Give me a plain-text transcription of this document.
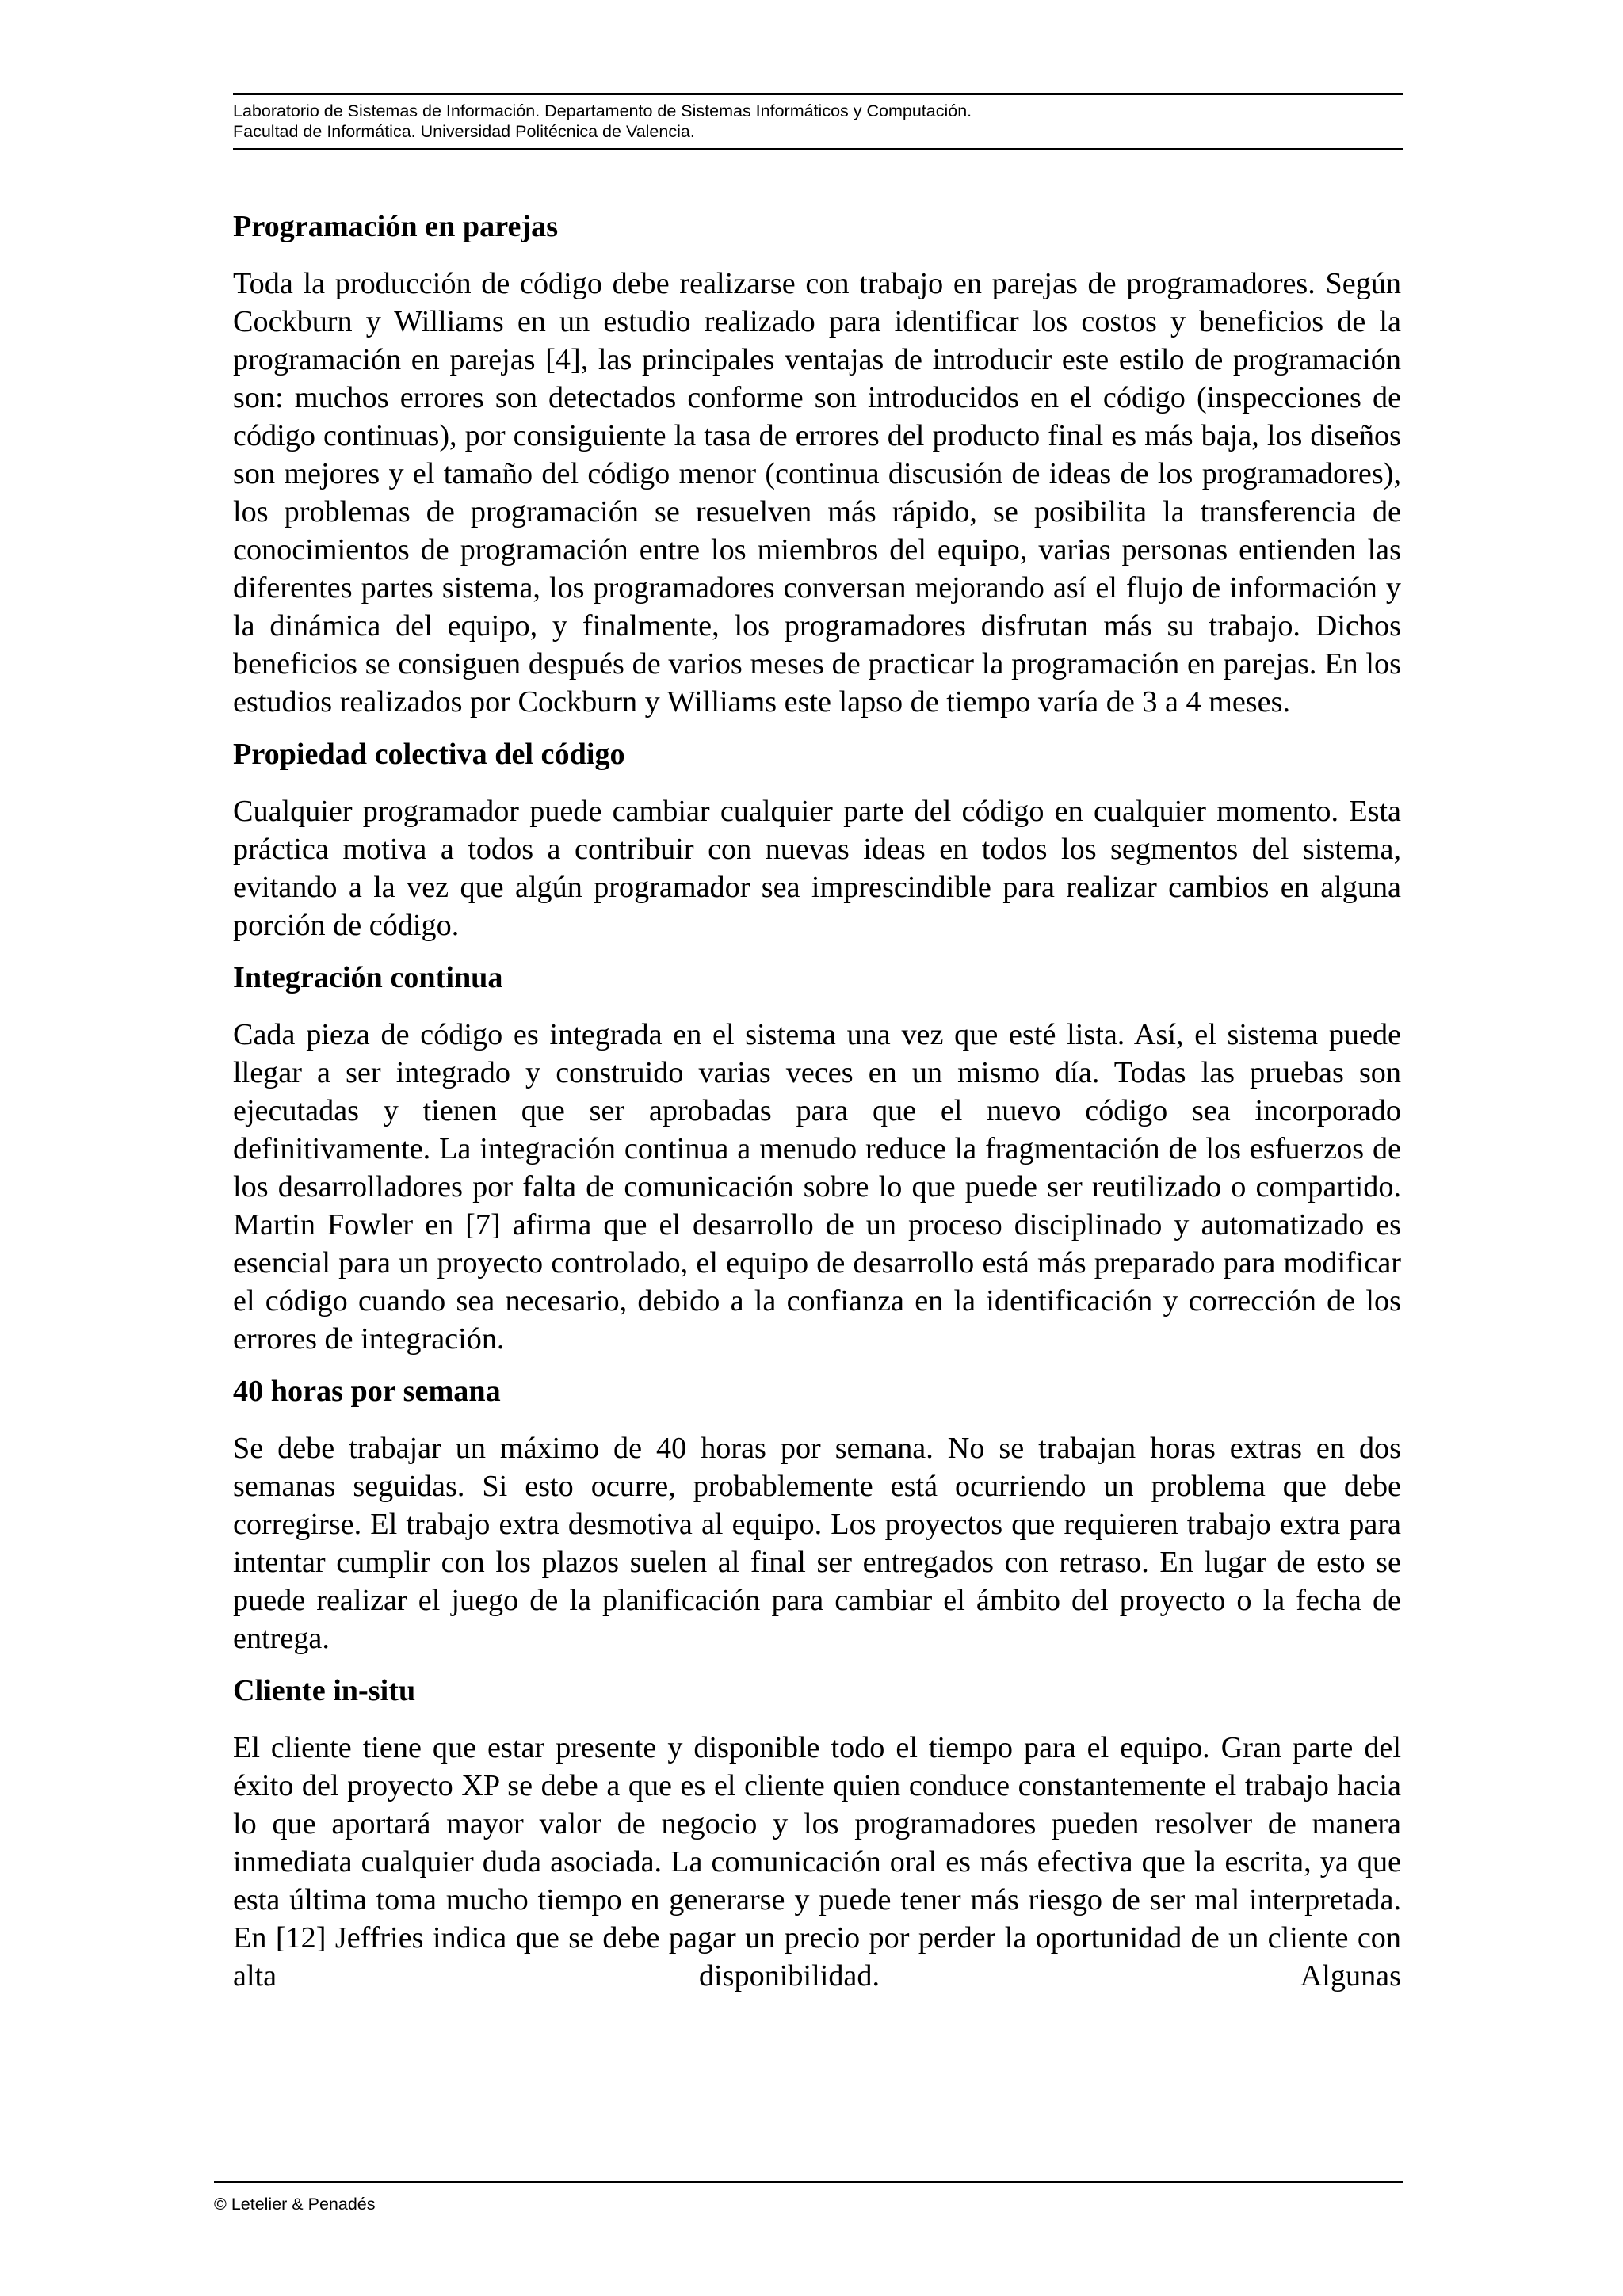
Laboratorio de Sistemas de Información. Departamento de Sistemas Informáticos y Computación.
Facultad de Informática. Universidad Politécnica de Valencia.
Programación en parejas
Toda la producción de código debe realizarse con trabajo en parejas de programadores. Según Cockburn y Williams en un estudio realizado para identificar los costos y beneficios de la programación en parejas [4], las principales ventajas de introducir este estilo de programación son: muchos errores son detectados conforme son introducidos en el código (inspecciones de código continuas), por consiguiente la tasa de errores del producto final es más baja, los diseños son mejores y el tamaño del código menor (continua discusión de ideas de los programadores), los problemas de programación se resuelven más rápido, se posibilita la transferencia de conocimientos de programación entre los miembros del equipo, varias personas entienden las diferentes partes sistema, los programadores conversan mejorando así el flujo de información y la dinámica del equipo, y finalmente, los programadores disfrutan más su trabajo. Dichos beneficios se consiguen después de varios meses de practicar la programación en parejas. En los estudios realizados por Cockburn y Williams este lapso de tiempo varía de 3 a 4 meses.
Propiedad colectiva del código
Cualquier programador puede cambiar cualquier parte del código en cualquier momento. Esta práctica motiva a todos a contribuir con nuevas ideas en todos los segmentos del sistema, evitando a la vez que algún programador sea imprescindible para realizar cambios en alguna porción de código.
Integración continua
Cada pieza de código es integrada en el sistema una vez que esté lista. Así, el sistema puede llegar a ser integrado y construido varias veces en un mismo día. Todas las pruebas son ejecutadas y tienen que ser aprobadas para que el nuevo código sea incorporado definitivamente. La integración continua a menudo reduce la fragmentación de los esfuerzos de los desarrolladores por falta de comunicación sobre lo que puede ser reutilizado o compartido. Martin Fowler en [7] afirma que el desarrollo de un proceso disciplinado y automatizado es esencial para un proyecto controlado, el equipo de desarrollo está más preparado para modificar el código cuando sea necesario, debido a la confianza en la identificación y corrección de los errores de integración.
40 horas por semana
Se debe trabajar un máximo de 40 horas por semana. No se trabajan horas extras en dos semanas seguidas. Si esto ocurre, probablemente está ocurriendo un problema que debe corregirse. El trabajo extra desmotiva al equipo. Los proyectos que requieren trabajo extra para intentar cumplir con los plazos suelen al final ser entregados con retraso. En lugar de esto se puede realizar el juego de la planificación para cambiar el ámbito del proyecto o la fecha de entrega.
Cliente in-situ
El cliente tiene que estar presente y disponible todo el tiempo para el equipo. Gran parte del éxito del proyecto XP se debe a que es el cliente quien conduce constantemente el trabajo hacia lo que aportará mayor valor de negocio y los programadores pueden resolver de manera inmediata cualquier duda asociada. La comunicación oral es más efectiva que la escrita, ya que esta última toma mucho tiempo en generarse y puede tener más riesgo de ser mal interpretada. En [12] Jeffries indica que se debe pagar un precio por perder la oportunidad de un cliente con alta disponibilidad. Algunas
© Letelier & Penadés
